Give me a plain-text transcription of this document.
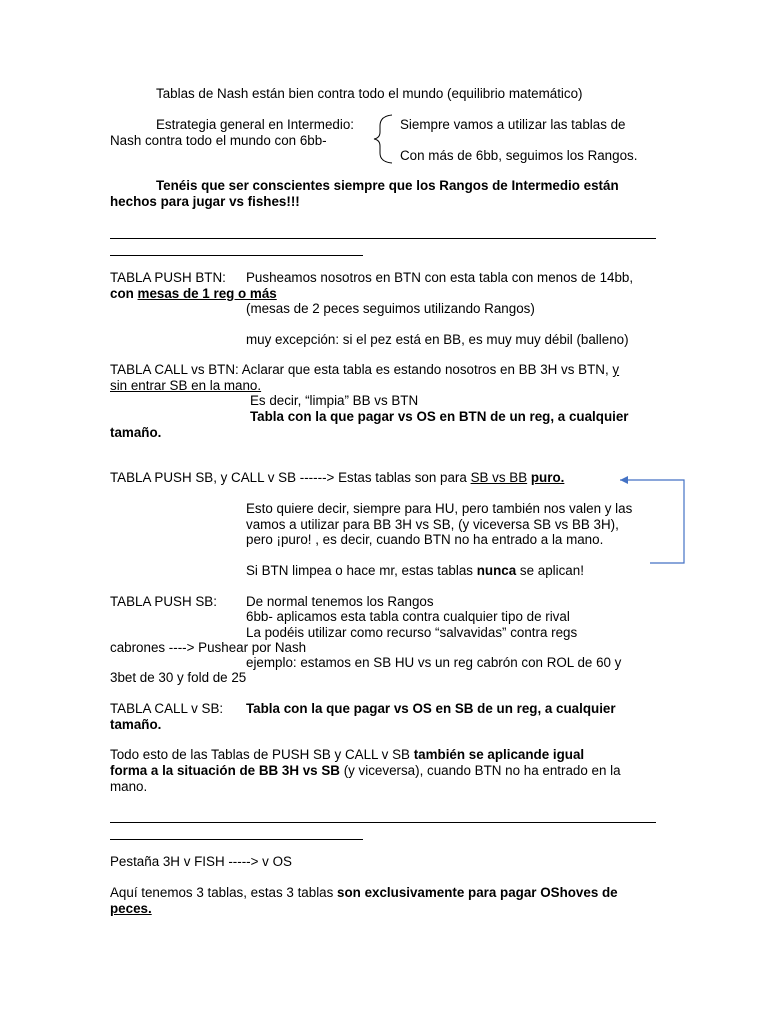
Tablas de Nash están bien contra todo el mundo (equilibrio matemático)
Estrategia general en Intermedio:
Nash contra todo el mundo con 6bb-
Siempre vamos a utilizar las tablas de
Con más de 6bb, seguimos los Rangos.
Tenéis que ser conscientes siempre que los Rangos de Intermedio están
hechos para jugar vs fishes!!!
TABLA PUSH BTN: Pusheamos nosotros en BTN con esta tabla con menos de 14bb,
con mesas de 1 reg o más
(mesas de 2 peces seguimos utilizando Rangos)
muy excepción: si el pez está en BB, es muy muy débil (balleno)
TABLA CALL vs BTN: Aclarar que esta tabla es estando nosotros en BB 3H vs BTN, y
sin entrar SB en la mano.
Es decir, “limpia” BB vs BTN
Tabla con la que pagar vs OS en BTN de un reg, a cualquier
tamaño.
TABLA PUSH SB, y CALL v SB ------> Estas tablas son para SB vs BB puro.
Esto quiere decir, siempre para HU, pero también nos valen y las
vamos a utilizar para BB 3H vs SB, (y viceversa SB vs BB 3H),
pero ¡puro! , es decir, cuando BTN no ha entrado a la mano.
Si BTN limpea o hace mr, estas tablas nunca se aplican!
TABLA PUSH SB: De normal tenemos los Rangos
6bb- aplicamos esta tabla contra cualquier tipo de rival
La podéis utilizar como recurso “salvavidas” contra regs
cabrones ----> Pushear por Nash
ejemplo: estamos en SB HU vs un reg cabrón con ROL de 60 y
3bet de 30 y fold de 25
TABLA CALL v SB: Tabla con la que pagar vs OS en SB de un reg, a cualquier
tamaño.
Todo esto de las Tablas de PUSH SB y CALL v SB también se aplicande igual
forma a la situación de BB 3H vs SB (y viceversa), cuando BTN no ha entrado en la
mano.
Pestaña 3H v FISH -----> v OS
Aquí tenemos 3 tablas, estas 3 tablas son exclusivamente para pagar OShoves de
peces.
